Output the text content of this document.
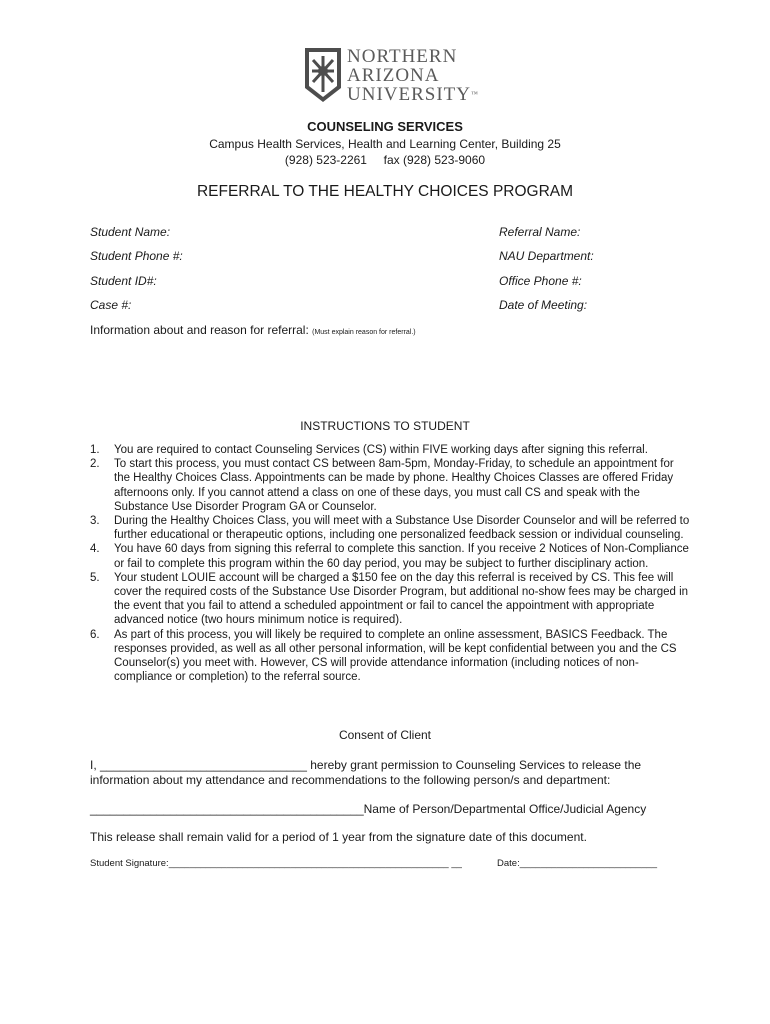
NORTHERN
ARIZONA
UNIVERSITY™
COUNSELING SERVICES
Campus Health Services, Health and Learning Center, Building 25
(928) 523-2261     fax (928) 523-9060
REFERRAL TO THE HEALTHY CHOICES PROGRAM
Student Name:
Student Phone #:
Student ID#:
Case #:
Referral Name:
NAU Department:
Office Phone #:
Date of Meeting:
Information about and reason for referral: (Must explain reason for referral.)
INSTRUCTIONS TO STUDENT
1. You are required to contact Counseling Services (CS) within FIVE working days after signing this referral.
2. To start this process, you must contact CS between 8am-5pm, Monday-Friday, to schedule an appointment for the Healthy Choices Class. Appointments can be made by phone. Healthy Choices Classes are offered Friday afternoons only. If you cannot attend a class on one of these days, you must call CS and speak with the Substance Use Disorder Program GA or Counselor.
3. During the Healthy Choices Class, you will meet with a Substance Use Disorder Counselor and will be referred to further educational or therapeutic options, including one personalized feedback session or individual counseling.
4. You have 60 days from signing this referral to complete this sanction. If you receive 2 Notices of Non-Compliance or fail to complete this program within the 60 day period, you may be subject to further disciplinary action.
5. Your student LOUIE account will be charged a $150 fee on the day this referral is received by CS. This fee will cover the required costs of the Substance Use Disorder Program, but additional no-show fees may be charged in the event that you fail to attend a scheduled appointment or fail to cancel the appointment with appropriate advanced notice (two hours minimum notice is required).
6. As part of this process, you will likely be required to complete an online assessment, BASICS Feedback. The responses provided, as well as all other personal information, will be kept confidential between you and the CS Counselor(s) you meet with. However, CS will provide attendance information (including notices of non-compliance or completion) to the referral source.
Consent of Client
I, _______________________________ hereby grant permission to Counseling Services to release the
information about my attendance and recommendations to the following person/s and department:
_________________________________________Name of Person/Departmental Office/Judicial Agency
This release shall remain valid for a period of 1 year from the signature date of this document.
Student Signature:_____________________________________________________ __	Date:__________________________
